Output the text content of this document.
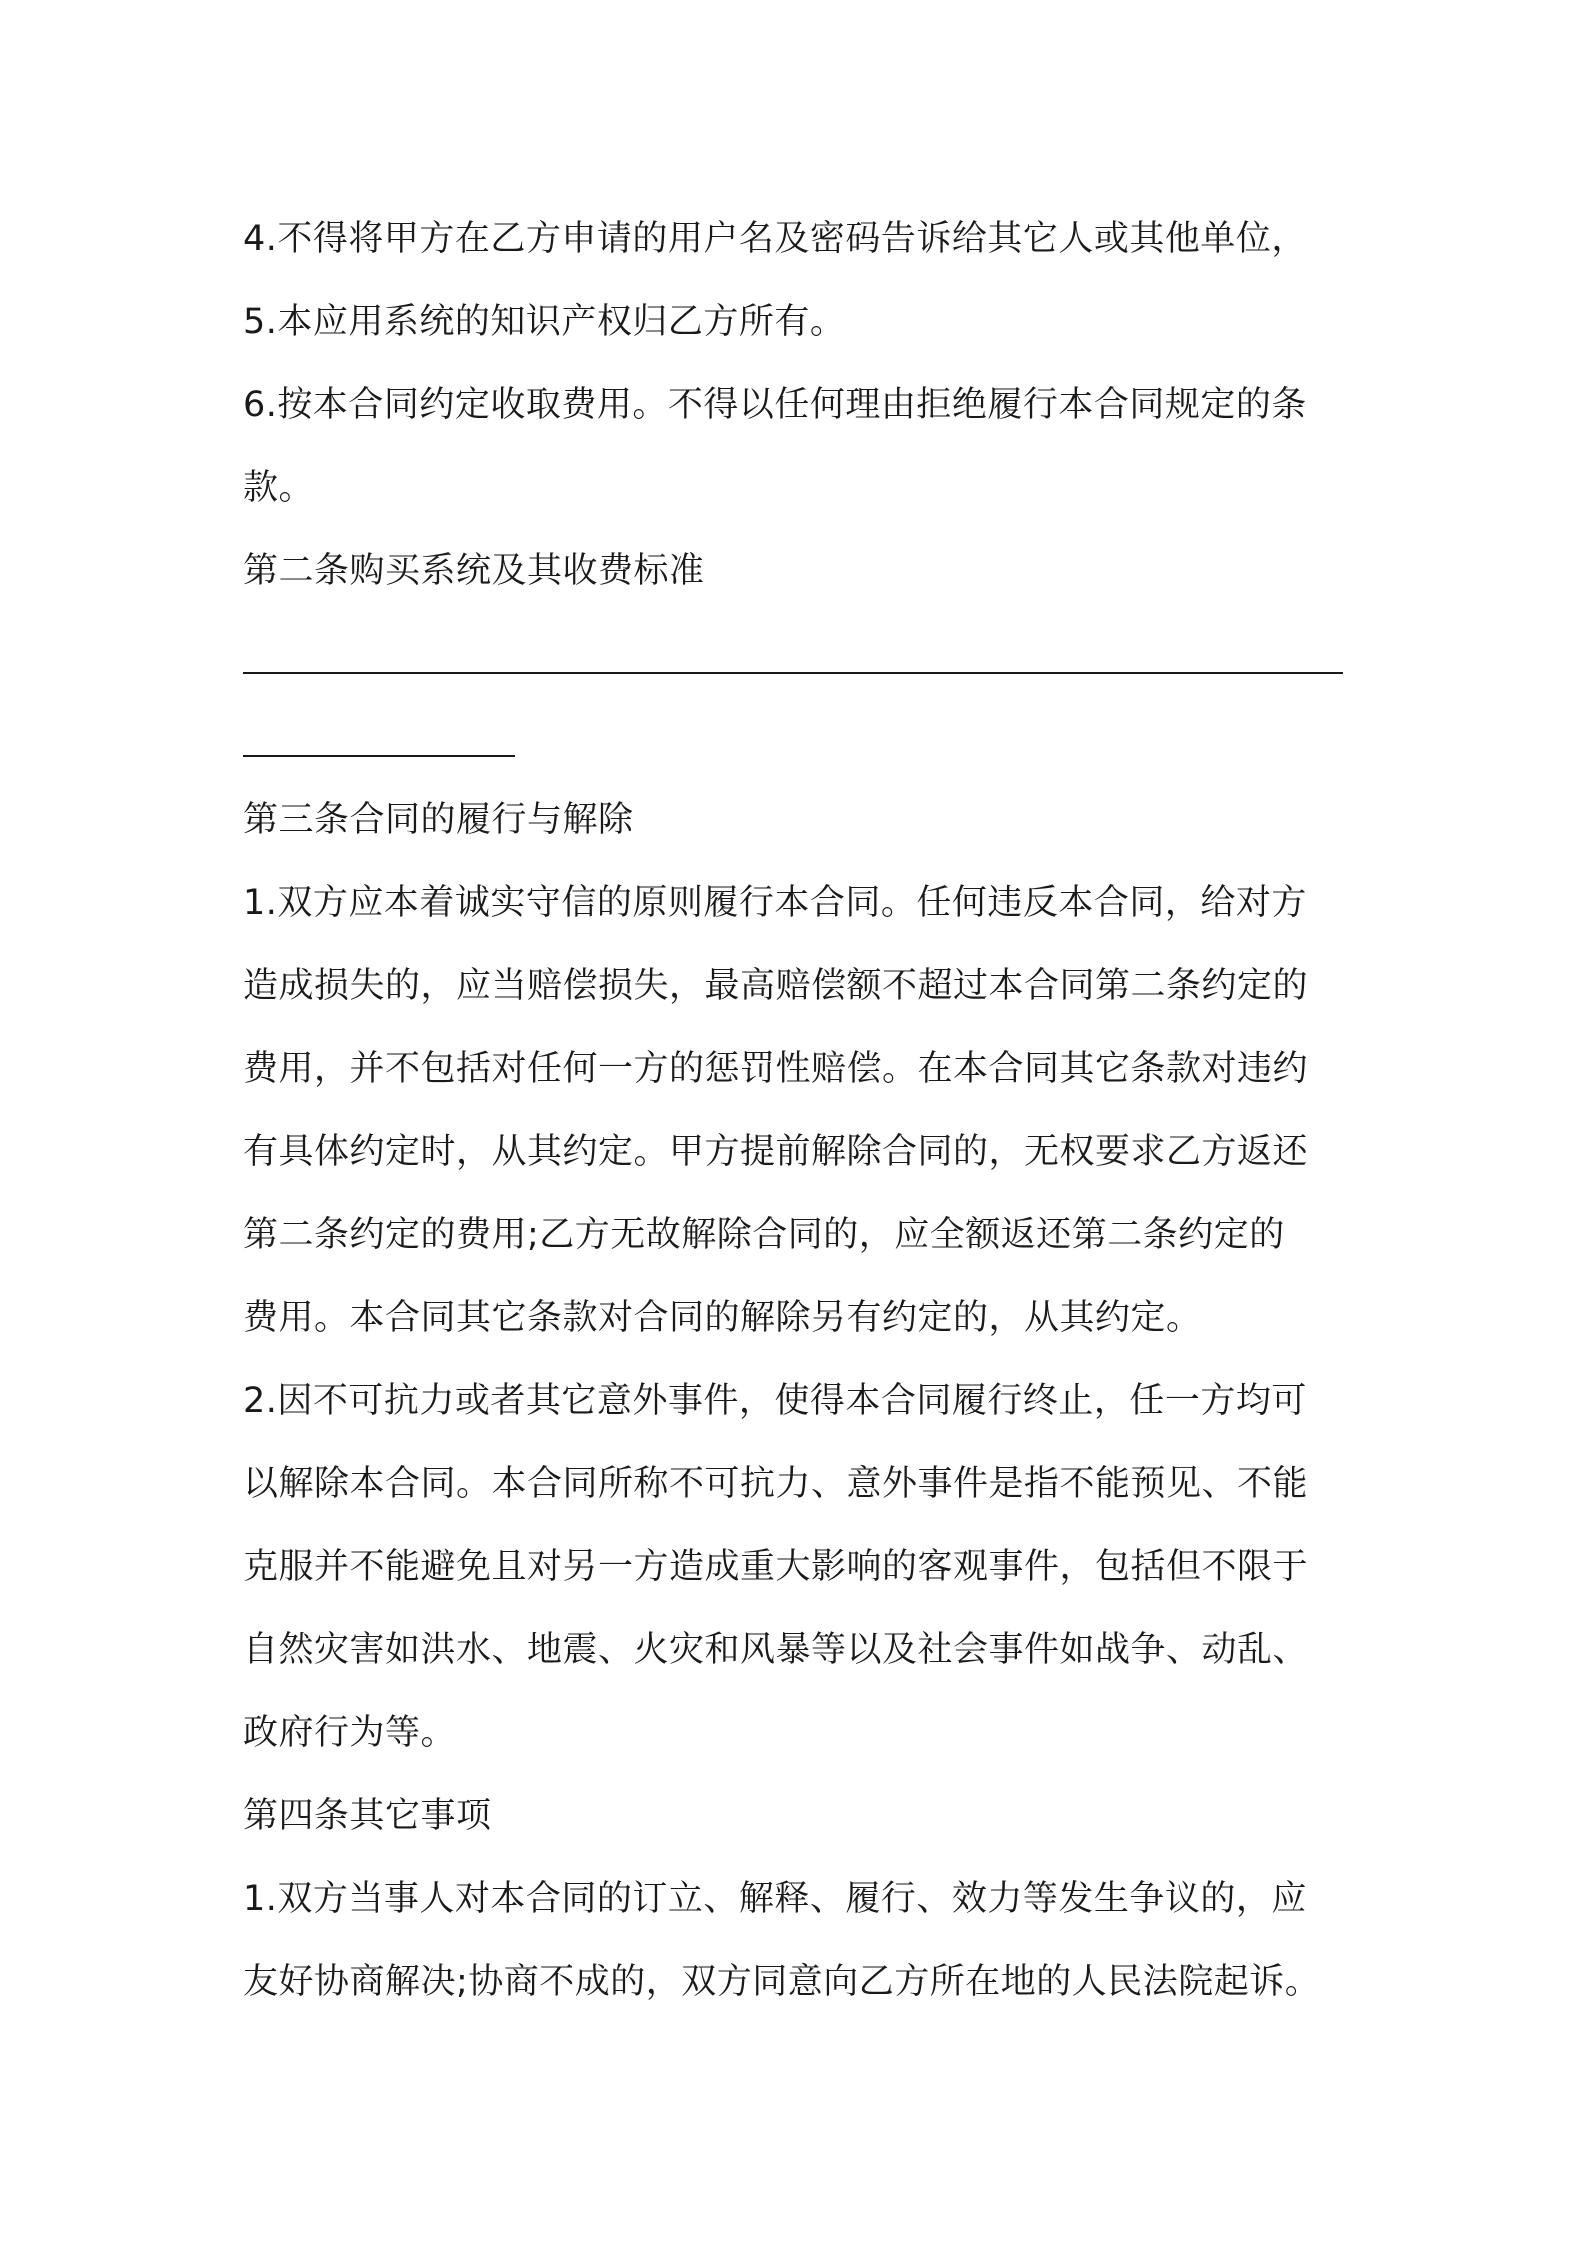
4.不得将甲方在乙方申请的用户名及密码告诉给其它人或其他单位，
5.本应用系统的知识产权归乙方所有。
6.按本合同约定收取费用。不得以任何理由拒绝履行本合同规定的条
款。
第二条购买系统及其收费标准
第三条合同的履行与解除
1.双方应本着诚实守信的原则履行本合同。任何违反本合同，给对方
造成损失的，应当赔偿损失，最高赔偿额不超过本合同第二条约定的
费用，并不包括对任何一方的惩罚性赔偿。在本合同其它条款对违约
有具体约定时，从其约定。甲方提前解除合同的，无权要求乙方返还
第二条约定的费用;乙方无故解除合同的，应全额返还第二条约定的
费用。本合同其它条款对合同的解除另有约定的，从其约定。
2.因不可抗力或者其它意外事件，使得本合同履行终止，任一方均可
以解除本合同。本合同所称不可抗力、意外事件是指不能预见、不能
克服并不能避免且对另一方造成重大影响的客观事件，包括但不限于
自然灾害如洪水、地震、火灾和风暴等以及社会事件如战争、动乱、
政府行为等。
第四条其它事项
1.双方当事人对本合同的订立、解释、履行、效力等发生争议的，应
友好协商解决;协商不成的，双方同意向乙方所在地的人民法院起诉。
